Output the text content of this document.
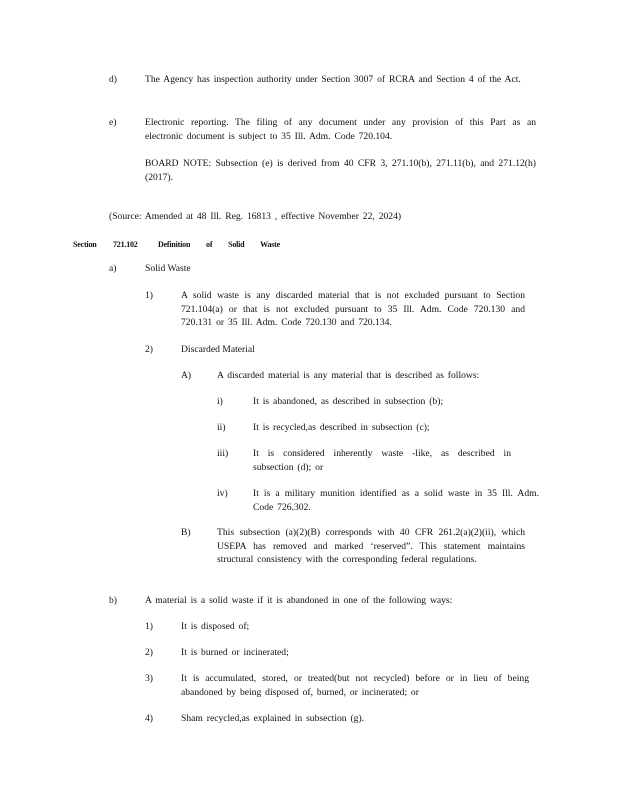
d)	The Agency has inspection authority under Section 3007 of RCRA and Section 4 of the Act.
e)	Electronic reporting. The filing of any document under any provision of this Part as an electronic document is subject to 35 Ill. Adm. Code 720.104.
BOARD NOTE: Subsection (e) is derived from 40 CFR 3, 271.10(b), 271.11(b), and 271.12(h) (2017).
(Source: Amended at 48 Ill. Reg. 16813 , effective November 22, 2024)
Section 721.102	Definition of Solid Waste
a)	Solid Waste
1)	A solid waste is any discarded material that is not excluded pursuant to Section 721.104(a) or that is not excluded pursuant to 35 Ill. Adm. Code 720.130 and 720.131 or 35 Ill. Adm. Code 720.130 and 720.134.
2)	Discarded Material
A)	A discarded material is any material that is described as follows:
i)	It is abandoned, as described in subsection (b);
ii)	It is recycled,as described in subsection (c);
iii)	It is considered inherently waste -like, as described in subsection (d); or
iv)	It is a military munition identified as a solid waste in 35 Ill. Adm. Code 726.302.
B)	This subsection (a)(2)(B) corresponds with 40 CFR 261.2(a)(2)(ii), which USEPA has removed and marked ‘reserved”. This statement maintains structural consistency with the corresponding federal regulations.
b)	A material is a solid waste if it is abandoned in one of the following ways:
1)	It is disposed of;
2)	It is burned or incinerated;
3)	It is accumulated, stored, or treated(but not recycled) before or in lieu of being abandoned by being disposed of, burned, or incinerated; or
4)	Sham recycled,as explained in subsection (g).
